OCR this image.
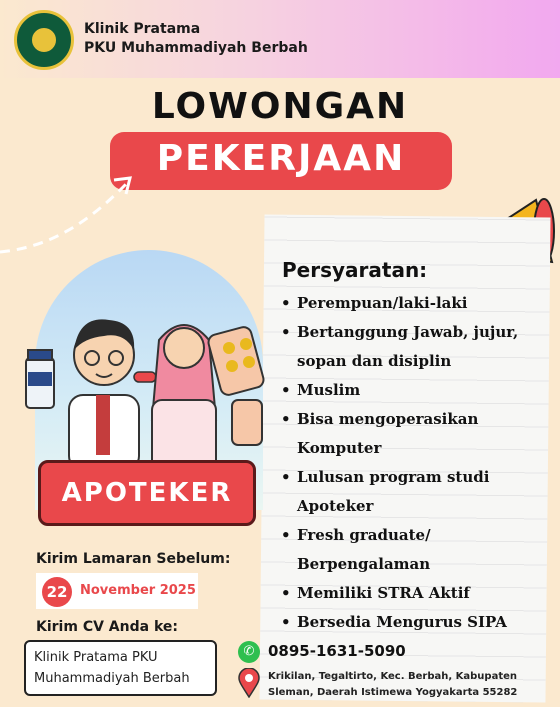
Klinik Pratama
PKU Muhammadiyah Berbah
LOWONGAN
PEKERJAAN
Persyaratan:
• Perempuan/laki-laki
• Bertanggung Jawab, jujur, sopan dan disiplin
• Muslim
• Bisa mengoperasikan Komputer
• Lulusan program studi Apoteker
• Fresh graduate/ Berpengalaman
• Memiliki STRA Aktif
• Bersedia Mengurus SIPA
APOTEKER
Kirim Lamaran Sebelum:
22 November 2025
Kirim CV Anda ke:
Klinik Pratama PKU
Muhammadiyah Berbah
✆ 0895-1631-5090
Krikilan, Tegaltirto, Kec. Berbah, Kabupaten Sleman, Daerah Istimewa Yogyakarta 55282
